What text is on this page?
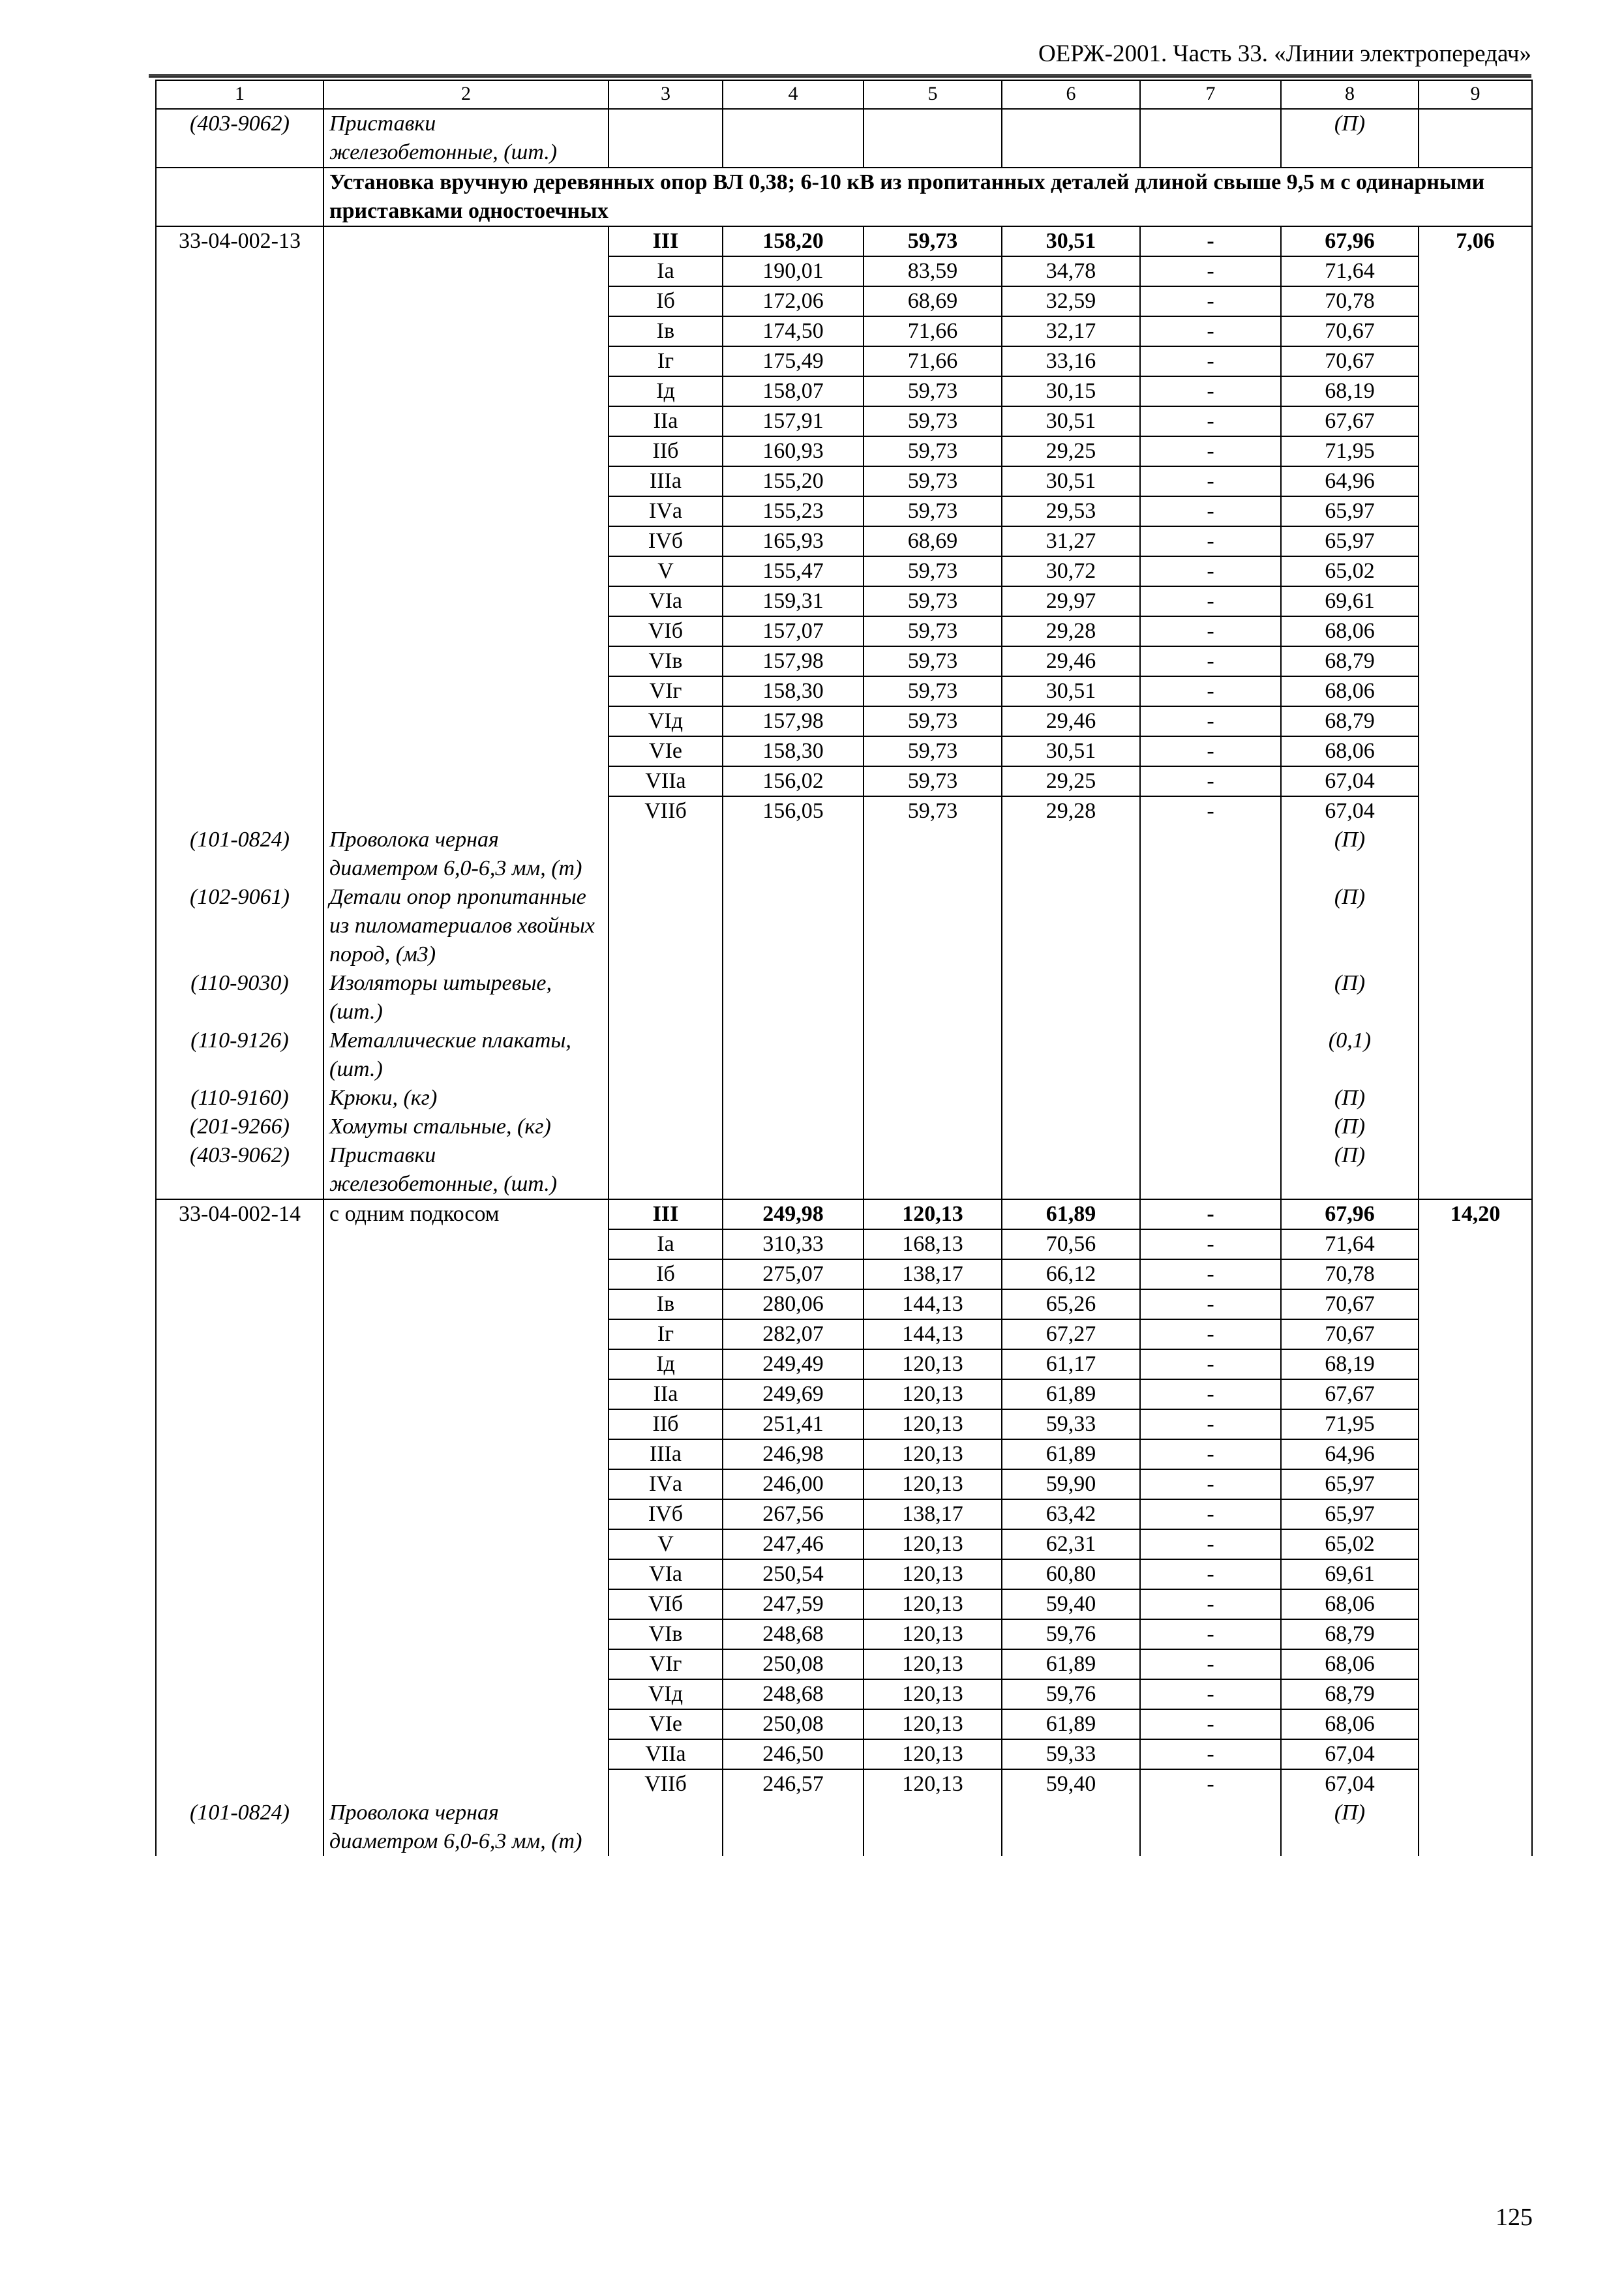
ОЕРЖ-2001. Часть 33. «Линии электропередач»
1	2	3	4	5	6	7	8	9
(403-9062)	Приставки железобетонные, (шт.)						(П)	
	Установка вручную деревянных опор ВЛ 0,38; 6-10 кВ из пропитанных деталей длиной свыше 9,5 м с одинарными приставками одностоечных							
33-04-002-13		III	158,20	59,73	30,51	-	67,96	7,06
		Iа	190,01	83,59	34,78	-	71,64	
		Iб	172,06	68,69	32,59	-	70,78	
		Iв	174,50	71,66	32,17	-	70,67	
		Iг	175,49	71,66	33,16	-	70,67	
		Iд	158,07	59,73	30,15	-	68,19	
		IIа	157,91	59,73	30,51	-	67,67	
		IIб	160,93	59,73	29,25	-	71,95	
		IIIа	155,20	59,73	30,51	-	64,96	
		IVа	155,23	59,73	29,53	-	65,97	
		IVб	165,93	68,69	31,27	-	65,97	
		V	155,47	59,73	30,72	-	65,02	
		VIа	159,31	59,73	29,97	-	69,61	
		VIб	157,07	59,73	29,28	-	68,06	
		VIв	157,98	59,73	29,46	-	68,79	
		VIг	158,30	59,73	30,51	-	68,06	
		VIд	157,98	59,73	29,46	-	68,79	
		VIе	158,30	59,73	30,51	-	68,06	
		VIIа	156,02	59,73	29,25	-	67,04	
		VIIб	156,05	59,73	29,28	-	67,04	
(101-0824)	Проволока черная диаметром 6,0-6,3 мм, (т)						(П)	
(102-9061)	Детали опор пропитанные из пиломатериалов хвойных пород, (м3)						(П)	
(110-9030)	Изоляторы штыревые, (шт.)						(П)	
(110-9126)	Металлические плакаты, (шт.)						(0,1)	
(110-9160)	Крюки, (кг)						(П)	
(201-9266)	Хомуты стальные, (кг)						(П)	
(403-9062)	Приставки железобетонные, (шт.)						(П)	
33-04-002-14	с одним подкосом	III	249,98	120,13	61,89	-	67,96	14,20
		Iа	310,33	168,13	70,56	-	71,64	
		Iб	275,07	138,17	66,12	-	70,78	
		Iв	280,06	144,13	65,26	-	70,67	
		Iг	282,07	144,13	67,27	-	70,67	
		Iд	249,49	120,13	61,17	-	68,19	
		IIа	249,69	120,13	61,89	-	67,67	
		IIб	251,41	120,13	59,33	-	71,95	
		IIIа	246,98	120,13	61,89	-	64,96	
		IVа	246,00	120,13	59,90	-	65,97	
		IVб	267,56	138,17	63,42	-	65,97	
		V	247,46	120,13	62,31	-	65,02	
		VIа	250,54	120,13	60,80	-	69,61	
		VIб	247,59	120,13	59,40	-	68,06	
		VIв	248,68	120,13	59,76	-	68,79	
		VIг	250,08	120,13	61,89	-	68,06	
		VIд	248,68	120,13	59,76	-	68,79	
		VIе	250,08	120,13	61,89	-	68,06	
		VIIа	246,50	120,13	59,33	-	67,04	
		VIIб	246,57	120,13	59,40	-	67,04	
(101-0824)	Проволока черная диаметром 6,0-6,3 мм, (т)						(П)	
125
